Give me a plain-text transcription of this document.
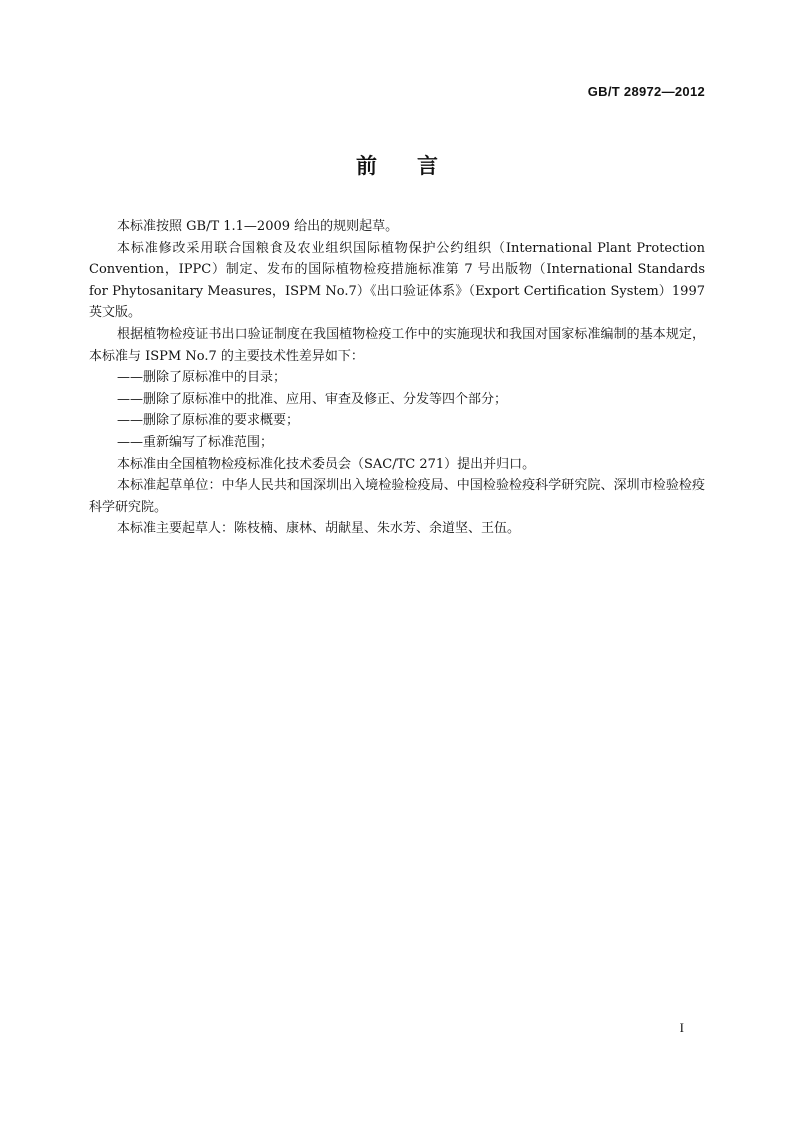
GB/T 28972—2012
前言

本标准按照 GB/T 1.1—2009 给出的规则起草。

本标准修改采用联合国粮食及农业组织国际植物保护公约组织（International Plant Protection Convention，IPPC）制定、发布的国际植物检疫措施标准第 7 号出版物（International Standards for Phytosanitary Measures，ISPM No.7）《出口验证体系》（Export Certification System）1997 英文版。

根据植物检疫证书出口验证制度在我国植物检疫工作中的实施现状和我国对国家标准编制的基本规定，本标准与 ISPM No.7 的主要技术性差异如下：

——删除了原标准中的目录；

——删除了原标准中的批准、应用、审查及修正、分发等四个部分；

——删除了原标准的要求概要；

——重新编写了标准范围；

本标准由全国植物检疫标准化技术委员会（SAC/TC 271）提出并归口。

本标准起草单位：中华人民共和国深圳出入境检验检疫局、中国检验检疫科学研究院、深圳市检验检疫科学研究院。

本标准主要起草人：陈枝楠、康林、胡献星、朱水芳、余道坚、王伍。

I
